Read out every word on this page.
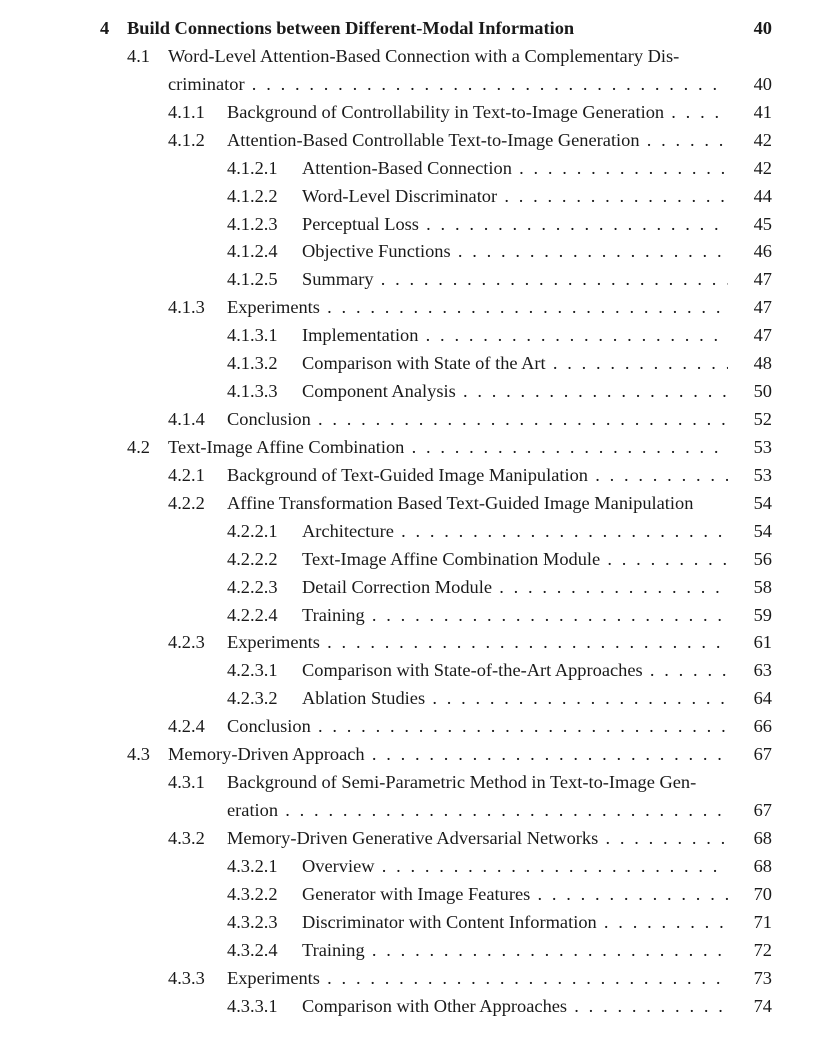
4 Build Connections between Different-Modal Information	40
4.1 Word-Level Attention-Based Connection with a Complementary Dis-
criminator . . .	40
4.1.1 Background of Controllability in Text-to-Image Generation . . .	41
4.1.2 Attention-Based Controllable Text-to-Image Generation . . .	42
4.1.2.1 Attention-Based Connection . . .	42
4.1.2.2 Word-Level Discriminator . . .	44
4.1.2.3 Perceptual Loss . . .	45
4.1.2.4 Objective Functions . . .	46
4.1.2.5 Summary . . .	47
4.1.3 Experiments . . .	47
4.1.3.1 Implementation . . .	47
4.1.3.2 Comparison with State of the Art . . .	48
4.1.3.3 Component Analysis . . .	50
4.1.4 Conclusion . . .	52
4.2 Text-Image Affine Combination . . .	53
4.2.1 Background of Text-Guided Image Manipulation . . .	53
4.2.2 Affine Transformation Based Text-Guided Image Manipulation	54
4.2.2.1 Architecture . . .	54
4.2.2.2 Text-Image Affine Combination Module . . .	56
4.2.2.3 Detail Correction Module . . .	58
4.2.2.4 Training . . .	59
4.2.3 Experiments . . .	61
4.2.3.1 Comparison with State-of-the-Art Approaches . . .	63
4.2.3.2 Ablation Studies . . .	64
4.2.4 Conclusion . . .	66
4.3 Memory-Driven Approach . . .	67
4.3.1 Background of Semi-Parametric Method in Text-to-Image Gen-
eration . . .	67
4.3.2 Memory-Driven Generative Adversarial Networks . . .	68
4.3.2.1 Overview . . .	68
4.3.2.2 Generator with Image Features . . .	70
4.3.2.3 Discriminator with Content Information . . .	71
4.3.2.4 Training . . .	72
4.3.3 Experiments . . .	73
4.3.3.1 Comparison with Other Approaches . . .	74
